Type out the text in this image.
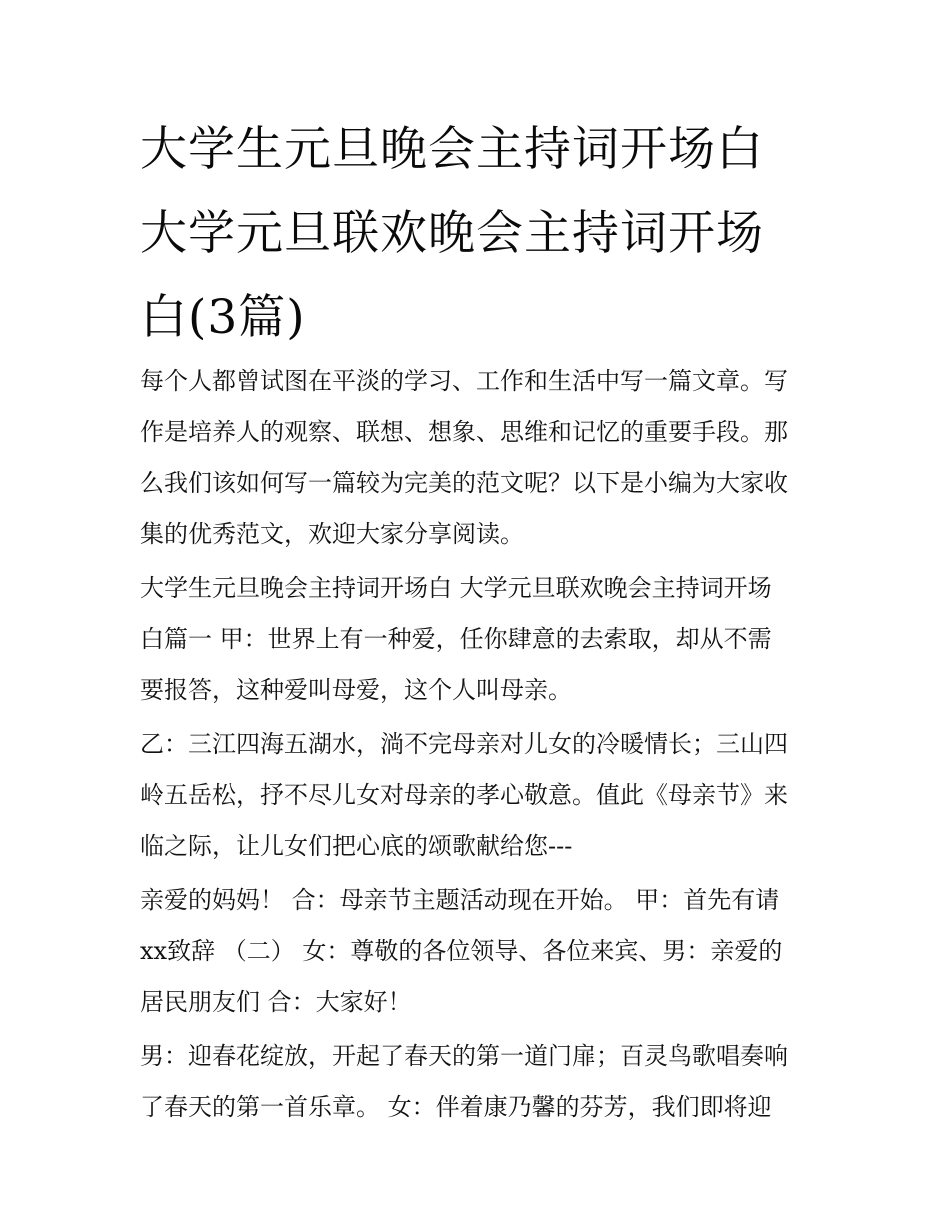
大学生元旦晚会主持词开场白
大学元旦联欢晚会主持词开场
白(3篇)

每个人都曾试图在平淡的学习、工作和生活中写一篇文章。写
作是培养人的观察、联想、想象、思维和记忆的重要手段。那
么我们该如何写一篇较为完美的范文呢？以下是小编为大家收
集的优秀范文，欢迎大家分享阅读。

大学生元旦晚会主持词开场白 大学元旦联欢晚会主持词开场
白篇一 甲：世界上有一种爱，任你肆意的去索取，却从不需
要报答，这种爱叫母爱，这个人叫母亲。

乙：三江四海五湖水，淌不完母亲对儿女的冷暖情长；三山四
岭五岳松，抒不尽儿女对母亲的孝心敬意。值此《母亲节》来
临之际，让儿女们把心底的颂歌献给您---

亲爱的妈妈！ 合：母亲节主题活动现在开始。 甲：首先有请
xx致辞 （二） 女：尊敬的各位领导、各位来宾、男：亲爱的
居民朋友们 合：大家好！

男：迎春花绽放，开起了春天的第一道门扉；百灵鸟歌唱奏响
了春天的第一首乐章。 女：伴着康乃馨的芬芳，我们即将迎
